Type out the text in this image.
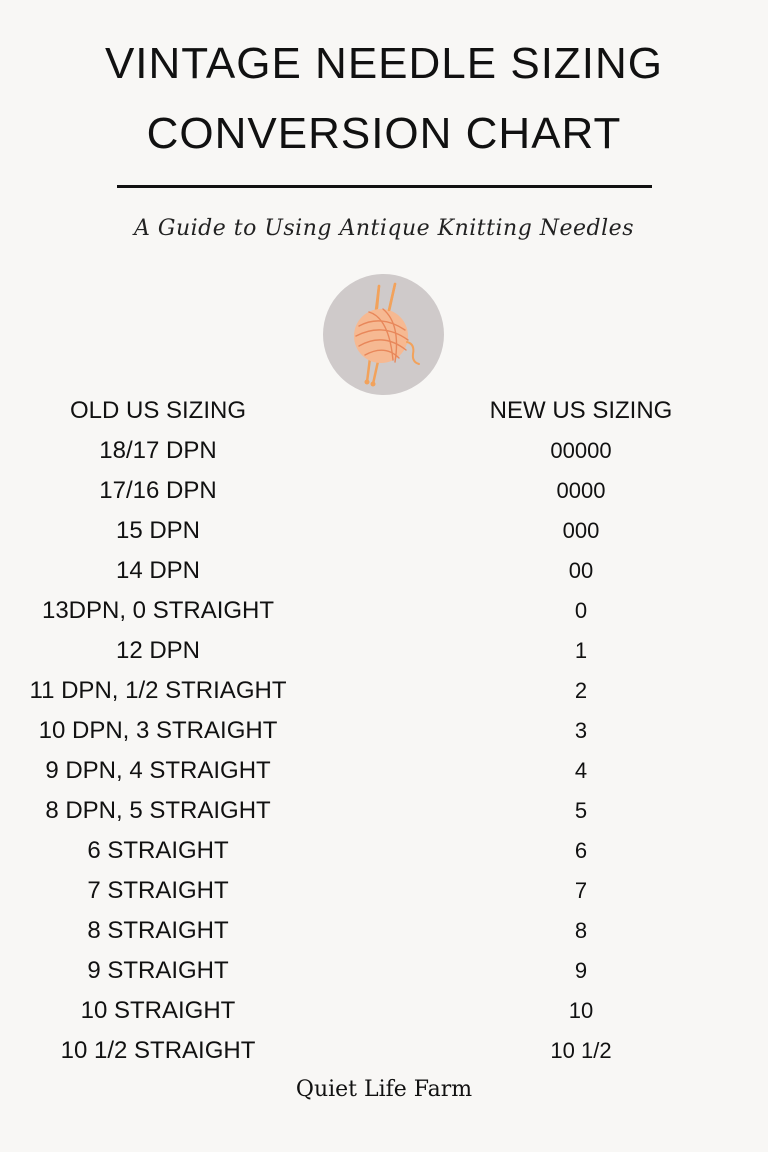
VINTAGE NEEDLE SIZING
CONVERSION CHART
A Guide to Using Antique Knitting Needles
OLD US SIZING
18/17 DPN
17/16 DPN
15 DPN
14 DPN
13DPN, 0 STRAIGHT
12 DPN
11 DPN, 1/2 STRIAGHT
10 DPN, 3 STRAIGHT
9 DPN, 4 STRAIGHT
8 DPN, 5 STRAIGHT
6 STRAIGHT
7 STRAIGHT
8 STRAIGHT
9 STRAIGHT
10 STRAIGHT
10 1/2 STRAIGHT
NEW US SIZING
00000
0000
000
00
0
1
2
3
4
5
6
7
8
9
10
10 1/2
Quiet Life Farm
